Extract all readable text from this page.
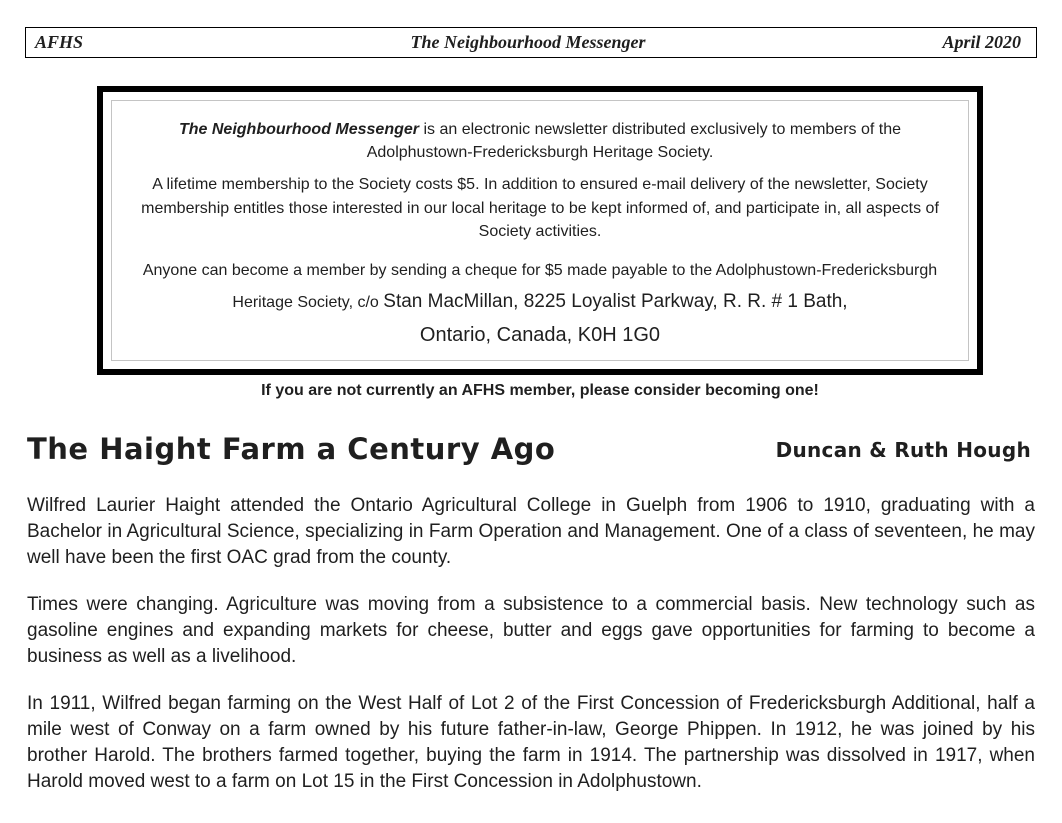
AFHS	The Neighbourhood Messenger	April 2020

The Neighbourhood Messenger is an electronic newsletter distributed exclusively to members of the Adolphustown-Fredericksburgh Heritage Society.

A lifetime membership to the Society costs $5. In addition to ensured e-mail delivery of the newsletter, Society membership entitles those interested in our local heritage to be kept informed of, and participate in, all aspects of Society activities.

Anyone can become a member by sending a cheque for $5 made payable to the Adolphustown-Fredericksburgh Heritage Society, c/o Stan MacMillan, 8225 Loyalist Parkway, R. R. # 1 Bath,
Ontario, Canada, K0H 1G0

If you are not currently an AFHS member, please consider becoming one!

The Haight Farm a Century Ago	Duncan & Ruth Hough

Wilfred Laurier Haight attended the Ontario Agricultural College in Guelph from 1906 to 1910, graduating with a Bachelor in Agricultural Science, specializing in Farm Operation and Management. One of a class of seventeen, he may well have been the first OAC grad from the county.

Times were changing. Agriculture was moving from a subsistence to a commercial basis. New technology such as gasoline engines and expanding markets for cheese, butter and eggs gave opportunities for farming to become a business as well as a livelihood.

In 1911, Wilfred began farming on the West Half of Lot 2 of the First Concession of Fredericksburgh Additional, half a mile west of Conway on a farm owned by his future father-in-law, George Phippen. In 1912, he was joined by his brother Harold. The brothers farmed together, buying the farm in 1914. The partnership was dissolved in 1917, when Harold moved west to a farm on Lot 15 in the First Concession in Adolphustown.
